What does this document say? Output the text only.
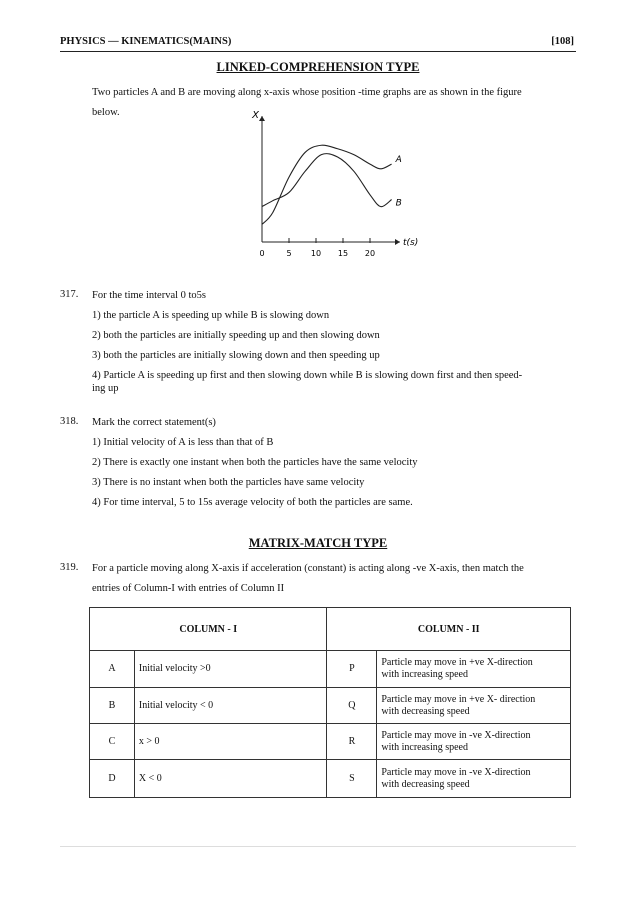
PHYSICS — KINEMATICS(MAINS)	[108]
LINKED-COMPREHENSION TYPE
Two particles A and B are moving along x-axis whose position -time graphs are as shown in the figure
below.	X
t(s)
0	5 10 15 20
A
B
317. For the time interval 0 to5s
1) the particle A is speeding up while B is slowing down
2) both the particles are initially speeding up and then slowing down
3) both the particles are initially slowing down and then speeding up
4) Particle A is speeding up first and then slowing down while B is slowing down first and then speed-
ing up
318. Mark the correct statement(s)
1) Initial velocity of A is less than that of B
2) There is exactly one instant when both the particles have the same velocity
3) There is no instant when both the particles have same velocity
4) For time interval, 5 to 15s average velocity of both the particles are same.
MATRIX-MATCH TYPE
319. For a particle moving along X-axis if acceleration (constant) is acting along -ve X-axis, then match the
entries of Column-I with entries of Column II
COLUMN - I		COLUMN - II	
A	Initial velocity >0	P	Particle may move in +ve X-direction
with increasing speed

B	Initial velocity < 0	Q	Particle may move in +ve X- direction
with decreasing speed

C	x > 0	R	Particle may move in -ve X-direction
with increasing speed

D	X < 0	S	Particle may move in -ve X-direction
with decreasing speed
